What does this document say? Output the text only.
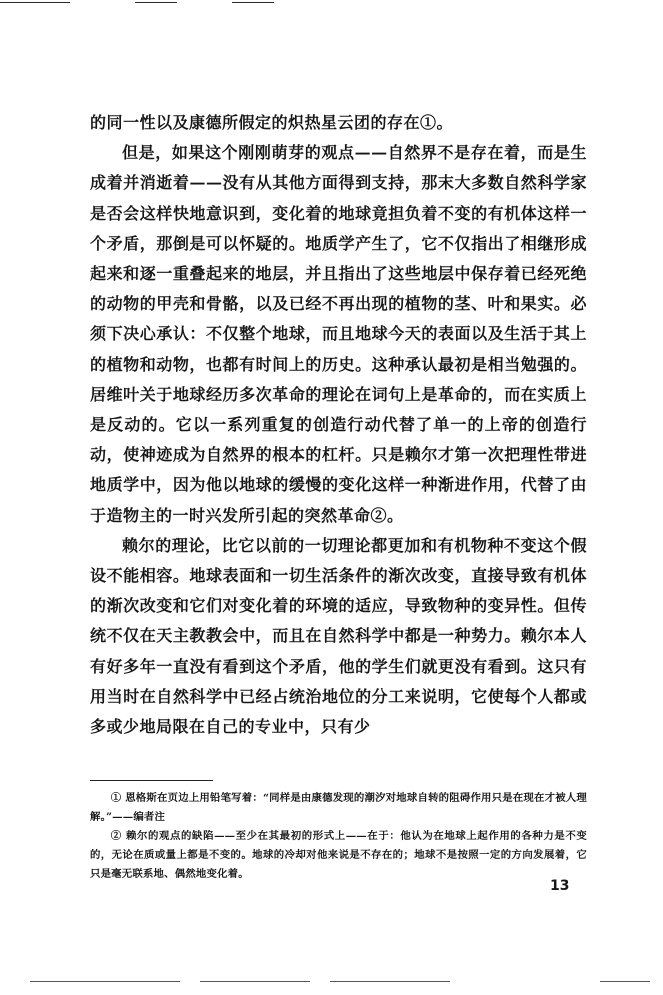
的同一性以及康德所假定的炽热星云团的存在①。

但是，如果这个刚刚萌芽的观点——自然界不是存在着，而是生成着并消逝着——没有从其他方面得到支持，那末大多数自然科学家是否会这样快地意识到，变化着的地球竟担负着不变的有机体这样一个矛盾，那倒是可以怀疑的。地质学产生了，它不仅指出了相继形成起来和逐一重叠起来的地层，并且指出了这些地层中保存着已经死绝的动物的甲壳和骨骼，以及已经不再出现的植物的茎、叶和果实。必须下决心承认：不仅整个地球，而且地球今天的表面以及生活于其上的植物和动物，也都有时间上的历史。这种承认最初是相当勉强的。居维叶关于地球经历多次革命的理论在词句上是革命的，而在实质上是反动的。它以一系列重复的创造行动代替了单一的上帝的创造行动，使神迹成为自然界的根本的杠杆。只是赖尔才第一次把理性带进地质学中，因为他以地球的缓慢的变化这样一种渐进作用，代替了由于造物主的一时兴发所引起的突然革命②。

赖尔的理论，比它以前的一切理论都更加和有机物种不变这个假设不能相容。地球表面和一切生活条件的渐次改变，直接导致有机体的渐次改变和它们对变化着的环境的适应，导致物种的变异性。但传统不仅在天主教教会中，而且在自然科学中都是一种势力。赖尔本人有好多年一直没有看到这个矛盾，他的学生们就更没有看到。这只有用当时在自然科学中已经占统治地位的分工来说明，它使每个人都或多或少地局限在自己的专业中，只有少

① 恩格斯在页边上用铅笔写着：“同样是由康德发现的潮汐对地球自转的阻碍作用只是在现在才被人理解。”——编者注

② 赖尔的观点的缺陷——至少在其最初的形式上——在于：他认为在地球上起作用的各种力是不变的，无论在质或量上都是不变的。地球的冷却对他来说是不存在的；地球不是按照一定的方向发展着，它只是毫无联系地、偶然地变化着。

13
